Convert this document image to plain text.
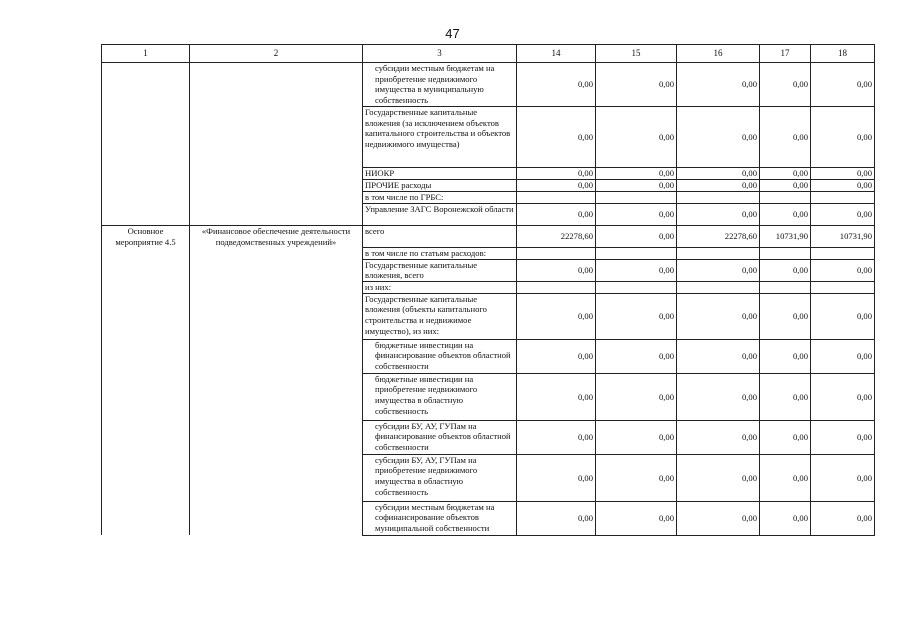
47
1	2	3	14	15	16	17	18
		субсидии местным бюджетам на приобретение недвижимого имущества в муниципальную собственность	0,00	0,00	0,00	0,00	0,00
		Государственные капитальные вложения (за исключением объектов капитального строительства и объектов недвижимого имущества)	0,00	0,00	0,00	0,00	0,00
		НИОКР	0,00	0,00	0,00	0,00	0,00
		ПРОЧИЕ расходы	0,00	0,00	0,00	0,00	0,00
		в том числе по ГРБС:					
		Управление ЗАГС Воронежской области	0,00	0,00	0,00	0,00	0,00
Основное мероприятие 4.5	«Финансовое обеспечение деятельности подведомственных учреждений»	всего	22278,60	0,00	22278,60	10731,90	10731,90
		в том числе по статьям расходов:					
		Государственные капитальные вложения, всего	0,00	0,00	0,00	0,00	0,00
		из них:					
		Государственные капитальные вложения (объекты капитального строительства и недвижимое имущество), из них:	0,00	0,00	0,00	0,00	0,00
		бюджетные инвестиции на финансирование объектов областной собственности	0,00	0,00	0,00	0,00	0,00
		бюджетные инвестиции на приобретение недвижимого имущества в областную собственность	0,00	0,00	0,00	0,00	0,00
		субсидии БУ, АУ, ГУПам на финансирование объектов областной собственности	0,00	0,00	0,00	0,00	0,00
		субсидии БУ, АУ, ГУПам на приобретение недвижимого имущества в областную собственность	0,00	0,00	0,00	0,00	0,00
		субсидии местным бюджетам на софинансирование объектов муниципальной собственности	0,00	0,00	0,00	0,00	0,00
